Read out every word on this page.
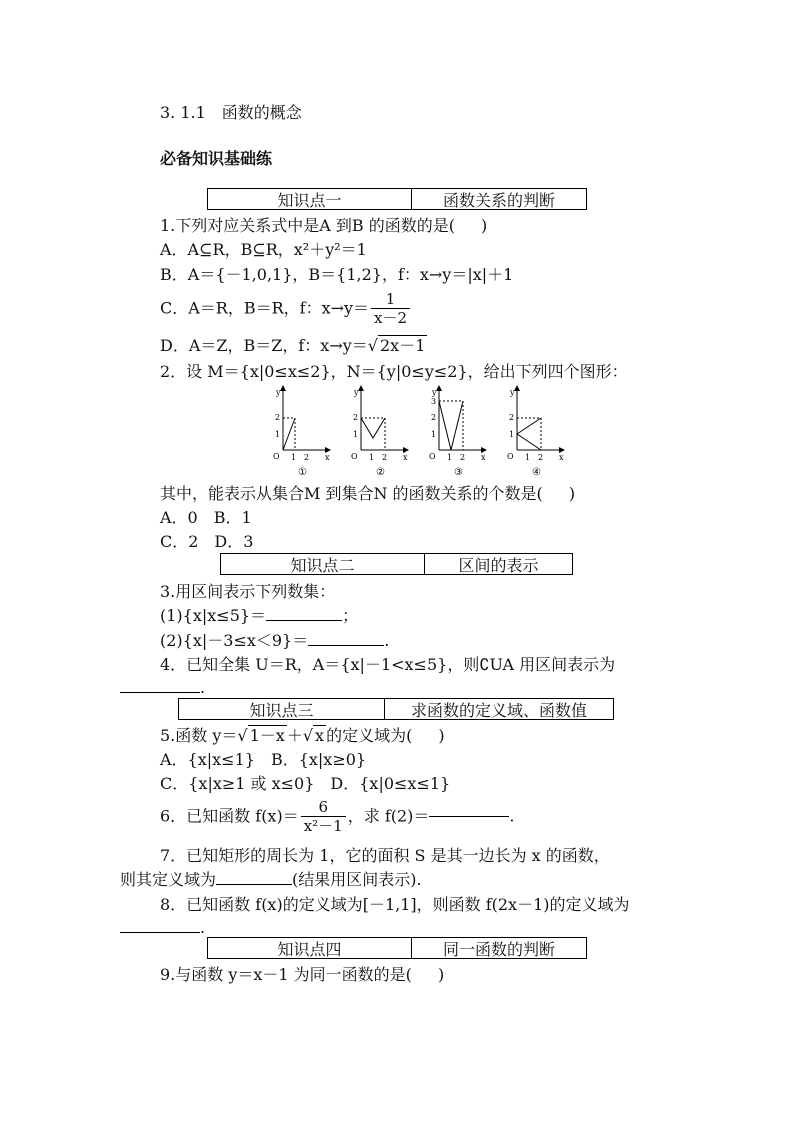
3. 1.1　函数的概念
必备知识基础练
知识点一	函数关系的判断
1.下列对应关系式中是A 到B 的函数的是( )
A．A⊆R，B⊆R，x²＋y²＝1
B．A＝{－1,0,1}，B＝{1,2}，f：x→y＝|x|＋1
C．A＝R，B＝R，f：$x\to y= \frac{1}{x-2}$
D．A＝Z，B＝Z，f：x→y＝√ 2x－1
2．设 M＝{x|0≤x≤2}，N＝{y|0≤y≤2}，给出下列四个图形：
y
x
O
2
1
1 2
①
y
x
O
2
1
1 2
②
y
x
O
3
2
1
1 2
③
y
x
O
2
1
1 2
④
其中，能表示从集合M 到集合N 的函数关系的个数是( )
A．0　B．1
C．2　D．3
知识点二	区间的表示
3.用区间表示下列数集：
(1){x|x≤5}＝	；
(2){x|－3≤x＜9}＝	.
4．已知全集 U＝R，A＝{x|－1<x≤5}，则∁UA 用区间表示为
.
知识点三	求函数的定义域、函数值
5.函数 y＝√ 1－x ＋√ x 的定义域为( )
A．{x|x≤1}　B．{x|x≥0}
C．{x|x≥1 或 x≤0}　D．{x|0≤x≤1}
6．已知函数 $f(x)= \frac{6}{\text{x²－1}}$ ，求 f(2)＝	.
7．已知矩形的周长为 1，它的面积 S 是其一边长为 x 的函数，
则其定义域为	(结果用区间表示).
8．已知函数 f(x)的定义域为[－1,1]，则函数 f(2x－1)的定义域为
.
知识点四	同一函数的判断
9.与函数 y＝x－1 为同一函数的是( )
